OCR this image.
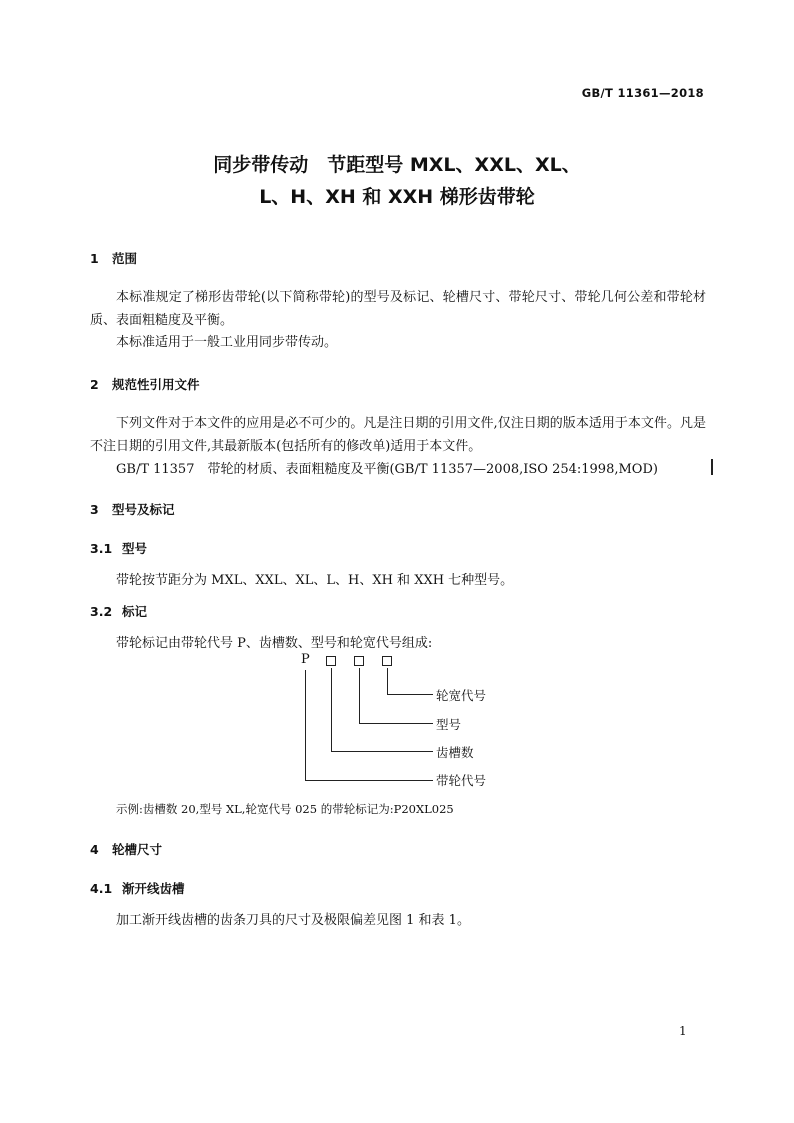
GB/T 11361—2018
同步带传动　节距型号 MXL、XXL、XL、
L、H、XH 和 XXH 梯形齿带轮
1 范围
本标准规定了梯形齿带轮(以下简称带轮)的型号及标记、轮槽尺寸、带轮尺寸、带轮几何公差和带轮材质、表面粗糙度及平衡。
本标准适用于一般工业用同步带传动。
2 规范性引用文件
下列文件对于本文件的应用是必不可少的。凡是注日期的引用文件,仅注日期的版本适用于本文件。凡是不注日期的引用文件,其最新版本(包括所有的修改单)适用于本文件。
GB/T 11357　带轮的材质、表面粗糙度及平衡(GB/T 11357—2008,ISO 254:1998,MOD)
3 型号及标记
3.1 型号
带轮按节距分为 MXL、XXL、XL、L、H、XH 和 XXH 七种型号。
3.2 标记
带轮标记由带轮代号 P、齿槽数、型号和轮宽代号组成:
P
轮宽代号
型号
齿槽数
带轮代号
示例:齿槽数 20,型号 XL,轮宽代号 025 的带轮标记为:P20XL025
4 轮槽尺寸
4.1 渐开线齿槽
加工渐开线齿槽的齿条刀具的尺寸及极限偏差见图 1 和表 1。
1
